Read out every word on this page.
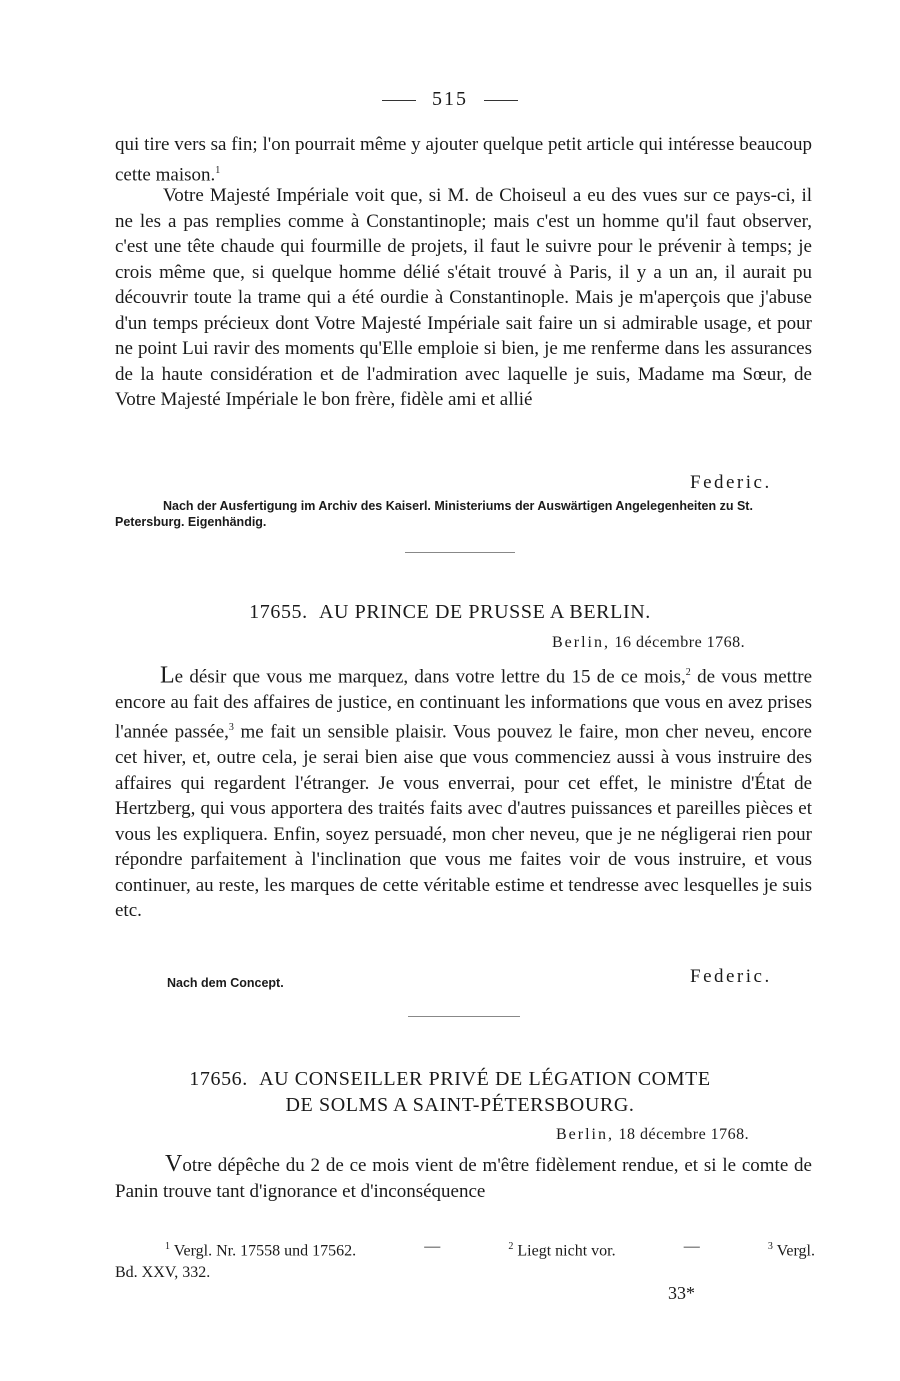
515

qui tire vers sa fin; l'on pourrait même y ajouter quelque petit article qui intéresse beaucoup cette maison.$^1$

Votre Majesté Impériale voit que, si M. de Choiseul a eu des vues sur ce pays-ci, il ne les a pas remplies comme à Constantinople; mais c'est un homme qu'il faut observer, c'est une tête chaude qui fourmille de projets, il faut le suivre pour le prévenir à temps; je crois même que, si quelque homme délié s'était trouvé à Paris, il y a un an, il aurait pu découvrir toute la trame qui a été ourdie à Constantinople. Mais je m'aperçois que j'abuse d'un temps précieux dont Votre Majesté Impériale sait faire un si admirable usage, et pour ne point Lui ravir des moments qu'Elle emploie si bien, je me renferme dans les assurances de la haute considération et de l'admiration avec laquelle je suis, Madame ma Sœur, de Votre Majesté Impériale le bon frère, fidèle ami et allié

Federic.
Nach der Ausfertigung im Archiv des Kaiserl. Ministeriums der Auswärtigen Angelegenheiten zu St. Petersburg. Eigenhändig.
17655. AU PRINCE DE PRUSSE A BERLIN.
Berlin, 16 décembre 1768.

Le désir que vous me marquez, dans votre lettre du 15 de ce mois,$^2$ de vous mettre encore au fait des affaires de justice, en continuant les informations que vous en avez prises l'année passée,$^3$ me fait un sensible plaisir. Vous pouvez le faire, mon cher neveu, encore cet hiver, et, outre cela, je serai bien aise que vous commenciez aussi à vous instruire des affaires qui regardent l'étranger. Je vous enverrai, pour cet effet, le ministre d'État de Hertzberg, qui vous apportera des traités faits avec d'autres puissances et pareilles pièces et vous les expliquera. Enfin, soyez persuadé, mon cher neveu, que je ne négligerai rien pour répondre parfaitement à l'inclination que vous me faites voir de vous instruire, et vous continuer, au reste, les marques de cette véritable estime et tendresse avec lesquelles je suis etc.

Nach dem Concept.	Federic.
17656. AU CONSEILLER PRIVÉ DE LÉGATION COMTE
DE SOLMS A SAINT-PÉTERSBOURG.
Berlin, 18 décembre 1768.

Votre dépêche du 2 de ce mois vient de m'être fidèlement rendue, et si le comte de Panin trouve tant d'ignorance et d'inconséquence

$^1$ Vergl. Nr. 17558 und 17562.	—	$^2$ Liegt nicht vor.	—	$^3$ Vergl.
Bd. XXV, 332.
33*
